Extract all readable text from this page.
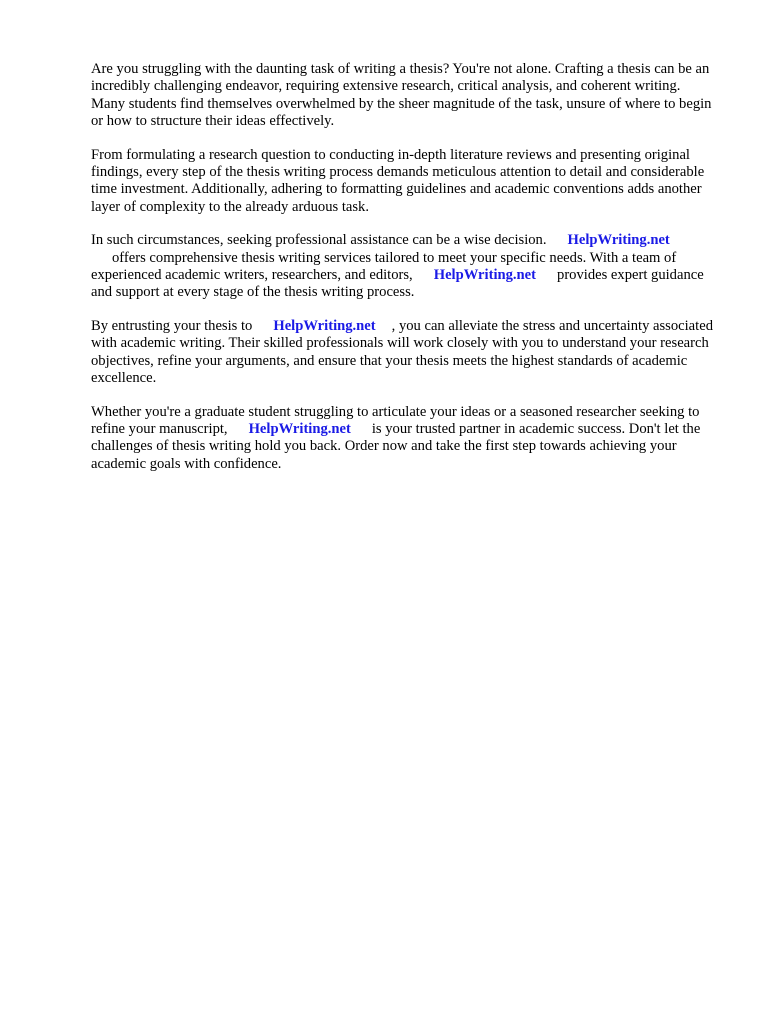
Are you struggling with the daunting task of writing a thesis? You're not alone. Crafting a thesis can be an incredibly challenging endeavor, requiring extensive research, critical analysis, and coherent writing. Many students find themselves overwhelmed by the sheer magnitude of the task, unsure of where to begin or how to structure their ideas effectively.

From formulating a research question to conducting in-depth literature reviews and presenting original findings, every step of the thesis writing process demands meticulous attention to detail and considerable time investment. Additionally, adhering to formatting guidelines and academic conventions adds another layer of complexity to the already arduous task.

In such circumstances, seeking professional assistance can be a wise decision. HelpWriting.net
offers comprehensive thesis writing services tailored to meet your specific needs. With a team of experienced academic writers, researchers, and editors, HelpWriting.net provides expert guidance and support at every stage of the thesis writing process.

By entrusting your thesis to HelpWriting.net , you can alleviate the stress and uncertainty associated with academic writing. Their skilled professionals will work closely with you to understand your research objectives, refine your arguments, and ensure that your thesis meets the highest standards of academic excellence.

Whether you're a graduate student struggling to articulate your ideas or a seasoned researcher seeking to refine your manuscript, HelpWriting.net is your trusted partner in academic success. Don't let the challenges of thesis writing hold you back. Order now and take the first step towards achieving your academic goals with confidence.
